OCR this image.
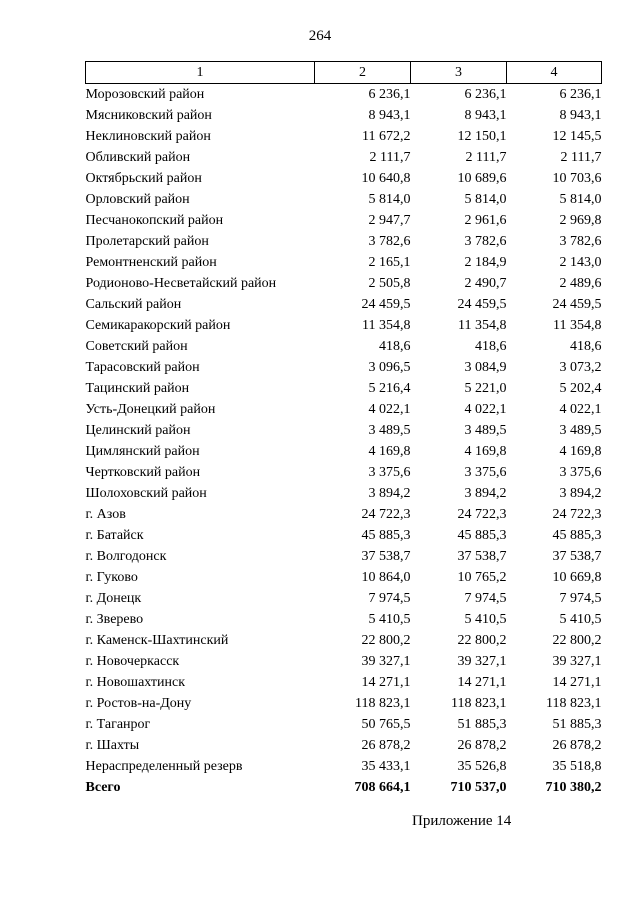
264
1	2	3	4
Морозовский район	6 236,1	6 236,1	6 236,1
Мясниковский район	8 943,1	8 943,1	8 943,1
Неклиновский район	11 672,2	12 150,1	12 145,5
Обливский район	2 111,7	2 111,7	2 111,7
Октябрьский район	10 640,8	10 689,6	10 703,6
Орловский район	5 814,0	5 814,0	5 814,0
Песчанокопский район	2 947,7	2 961,6	2 969,8
Пролетарский район	3 782,6	3 782,6	3 782,6
Ремонтненский район	2 165,1	2 184,9	2 143,0
Родионово-Несветайский район	2 505,8	2 490,7	2 489,6
Сальский район	24 459,5	24 459,5	24 459,5
Семикаракорский район	11 354,8	11 354,8	11 354,8
Советский район	418,6	418,6	418,6
Тарасовский район	3 096,5	3 084,9	3 073,2
Тацинский район	5 216,4	5 221,0	5 202,4
Усть-Донецкий район	4 022,1	4 022,1	4 022,1
Целинский район	3 489,5	3 489,5	3 489,5
Цимлянский район	4 169,8	4 169,8	4 169,8
Чертковский район	3 375,6	3 375,6	3 375,6
Шолоховский район	3 894,2	3 894,2	3 894,2
г. Азов	24 722,3	24 722,3	24 722,3
г. Батайск	45 885,3	45 885,3	45 885,3
г. Волгодонск	37 538,7	37 538,7	37 538,7
г. Гуково	10 864,0	10 765,2	10 669,8
г. Донецк	7 974,5	7 974,5	7 974,5
г. Зверево	5 410,5	5 410,5	5 410,5
г. Каменск-Шахтинский	22 800,2	22 800,2	22 800,2
г. Новочеркасск	39 327,1	39 327,1	39 327,1
г. Новошахтинск	14 271,1	14 271,1	14 271,1
г. Ростов-на-Дону	118 823,1	118 823,1	118 823,1
г. Таганрог	50 765,5	51 885,3	51 885,3
г. Шахты	26 878,2	26 878,2	26 878,2
Нераспределенный резерв	35 433,1	35 526,8	35 518,8
Всего	708 664,1	710 537,0	710 380,2
Приложение 14
